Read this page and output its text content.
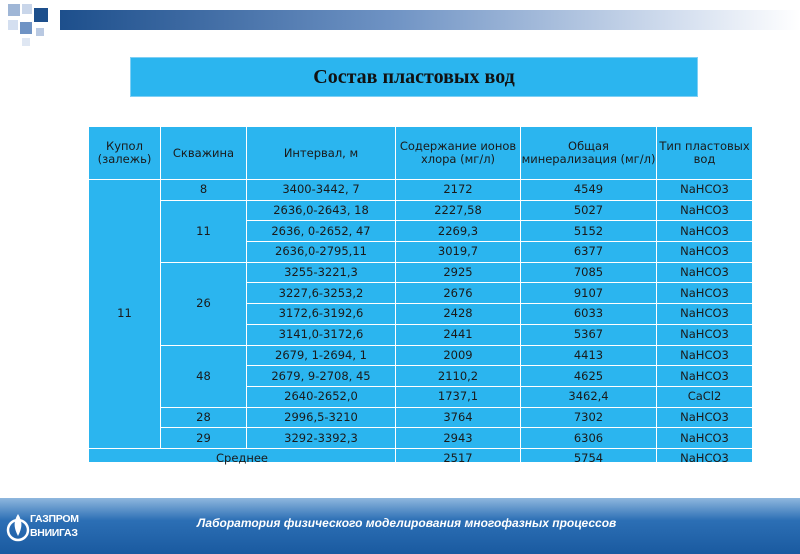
Состав пластовых вод
Купол (залежь)	Скважина	Интервал, м	Содержание ионов хлора (мг/л)	Общая минерализация (мг/л)	Тип пластовых вод
11	8	3400-3442, 7	2172	4549	NaHCO3
	11	2636,0-2643, 18	2227,58	5027	NaHCO3
		2636, 0-2652, 47	2269,3	5152	NaHCO3
		2636,0-2795,11	3019,7	6377	NaHCO3
	26	3255-3221,3	2925	7085	NaHCO3
		3227,6-3253,2	2676	9107	NaHCO3
		3172,6-3192,6	2428	6033	NaHCO3
		3141,0-3172,6	2441	5367	NaHCO3
	48	2679, 1-2694, 1	2009	4413	NaHCO3
		2679, 9-2708, 45	2110,2	4625	NaHCO3
		2640-2652,0	1737,1	3462,4	CaCl2
	28	2996,5-3210	3764	7302	NaHCO3
	29	3292-3392,3	2943	6306	NaHCO3
Среднее			2517	5754	NaHCO3
ГАЗПРОМ
ВНИИГАЗ
Лаборатория физического моделирования многофазных процессов
